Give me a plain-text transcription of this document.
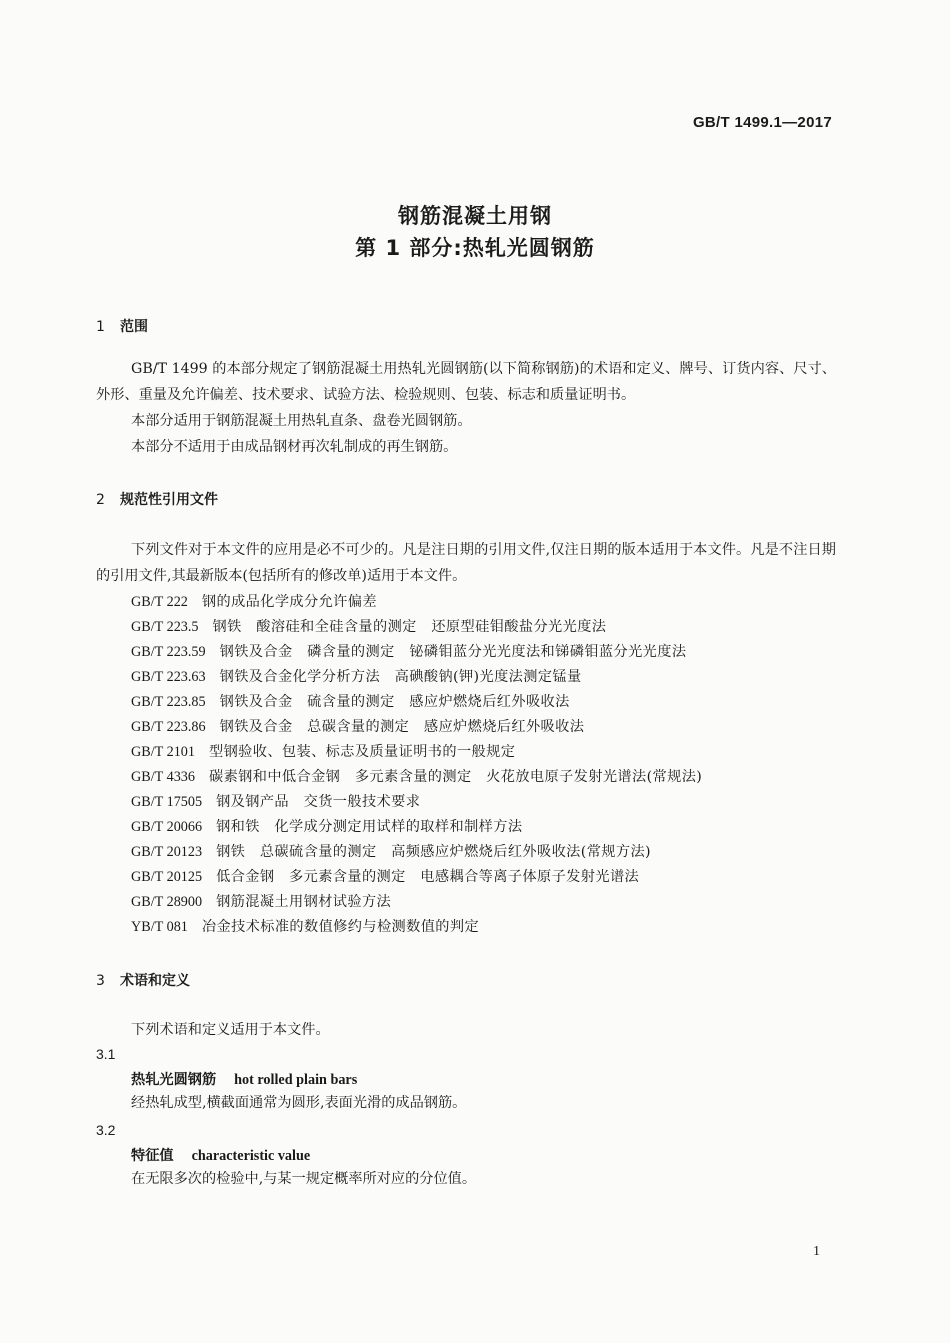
GB/T 1499.1—2017
钢筋混凝土用钢
第 1 部分:热轧光圆钢筋
1 范围
GB/T 1499 的本部分规定了钢筋混凝土用热轧光圆钢筋(以下简称钢筋)的术语和定义、牌号、订货内容、尺寸、外形、重量及允许偏差、技术要求、试验方法、检验规则、包装、标志和质量证明书。
本部分适用于钢筋混凝土用热轧直条、盘卷光圆钢筋。
本部分不适用于由成品钢材再次轧制成的再生钢筋。
2 规范性引用文件
下列文件对于本文件的应用是必不可少的。凡是注日期的引用文件,仅注日期的版本适用于本文件。凡是不注日期的引用文件,其最新版本(包括所有的修改单)适用于本文件。
GB/T 222 钢的成品化学成分允许偏差
GB/T 223.5 钢铁　酸溶硅和全硅含量的测定　还原型硅钼酸盐分光光度法
GB/T 223.59 钢铁及合金　磷含量的测定　铋磷钼蓝分光光度法和锑磷钼蓝分光光度法
GB/T 223.63 钢铁及合金化学分析方法　高碘酸钠(钾)光度法测定锰量
GB/T 223.85 钢铁及合金　硫含量的测定　感应炉燃烧后红外吸收法
GB/T 223.86 钢铁及合金　总碳含量的测定　感应炉燃烧后红外吸收法
GB/T 2101 型钢验收、包装、标志及质量证明书的一般规定
GB/T 4336 碳素钢和中低合金钢　多元素含量的测定　火花放电原子发射光谱法(常规法)
GB/T 17505 钢及钢产品　交货一般技术要求
GB/T 20066 钢和铁　化学成分测定用试样的取样和制样方法
GB/T 20123 钢铁　总碳硫含量的测定　高频感应炉燃烧后红外吸收法(常规方法)
GB/T 20125 低合金钢　多元素含量的测定　电感耦合等离子体原子发射光谱法
GB/T 28900 钢筋混凝土用钢材试验方法
YB/T 081 冶金技术标准的数值修约与检测数值的判定
3 术语和定义
下列术语和定义适用于本文件。
3.1
热轧光圆钢筋 hot rolled plain bars
经热轧成型,横截面通常为圆形,表面光滑的成品钢筋。
3.2
特征值 characteristic value
在无限多次的检验中,与某一规定概率所对应的分位值。
1
